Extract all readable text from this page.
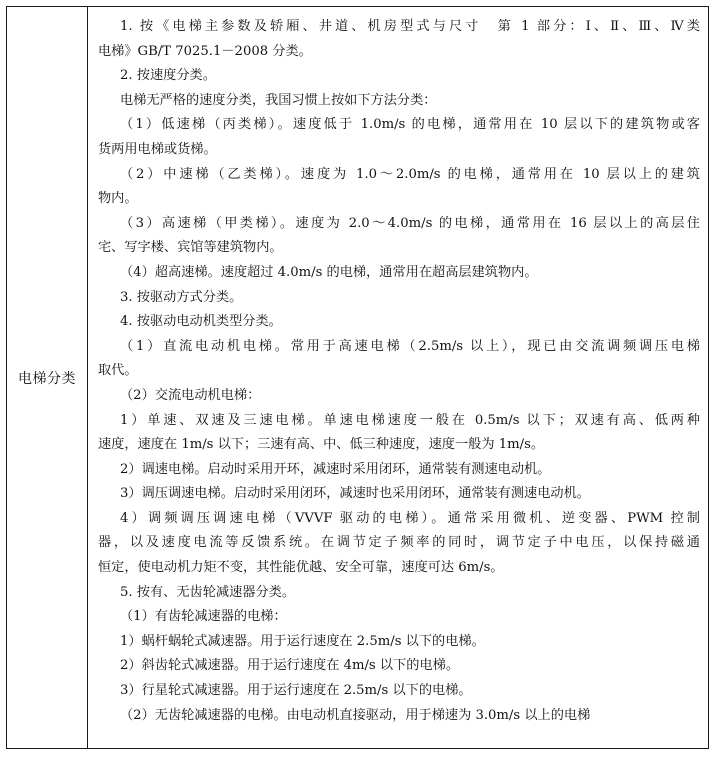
电梯分类
1. 按《电梯主参数及轿厢、井道、机房型式与尺寸　第 1 部分：Ⅰ、Ⅱ、Ⅲ、Ⅳ类
电梯》GB/T 7025.1－2008 分类。
2. 按速度分类。
电梯无严格的速度分类，我国习惯上按如下方法分类：
（1）低速梯（丙类梯）。速度低于 1.0m/s 的电梯，通常用在 10 层以下的建筑物或客
货两用电梯或货梯。
（2）中速梯（乙类梯）。速度为 1.0～2.0m/s 的电梯，通常用在 10 层以上的建筑
物内。
（3）高速梯（甲类梯）。速度为 2.0～4.0m/s 的电梯，通常用在 16 层以上的高层住
宅、写字楼、宾馆等建筑物内。
（4）超高速梯。速度超过 4.0m/s 的电梯，通常用在超高层建筑物内。
3. 按驱动方式分类。
4. 按驱动电动机类型分类。
（1）直流电动机电梯。常用于高速电梯（2.5m/s 以上），现已由交流调频调压电梯
取代。
（2）交流电动机电梯：
1）单速、双速及三速电梯。单速电梯速度一般在 0.5m/s 以下；双速有高、低两种
速度，速度在 1m/s 以下；三速有高、中、低三种速度，速度一般为 1m/s。
2）调速电梯。启动时采用开环，减速时采用闭环，通常装有测速电动机。
3）调压调速电梯。启动时采用闭环，减速时也采用闭环，通常装有测速电动机。
4）调频调压调速电梯（VVVF 驱动的电梯）。通常采用微机、逆变器、PWM 控制
器，以及速度电流等反馈系统。在调节定子频率的同时，调节定子中电压，以保持磁通
恒定，使电动机力矩不变，其性能优越、安全可靠，速度可达 6m/s。
5. 按有、无齿轮减速器分类。
（1）有齿轮减速器的电梯：
1）蜗杆蜗轮式减速器。用于运行速度在 2.5m/s 以下的电梯。
2）斜齿轮式减速器。用于运行速度在 4m/s 以下的电梯。
3）行星轮式减速器。用于运行速度在 2.5m/s 以下的电梯。
（2）无齿轮减速器的电梯。由电动机直接驱动，用于梯速为 3.0m/s 以上的电梯
